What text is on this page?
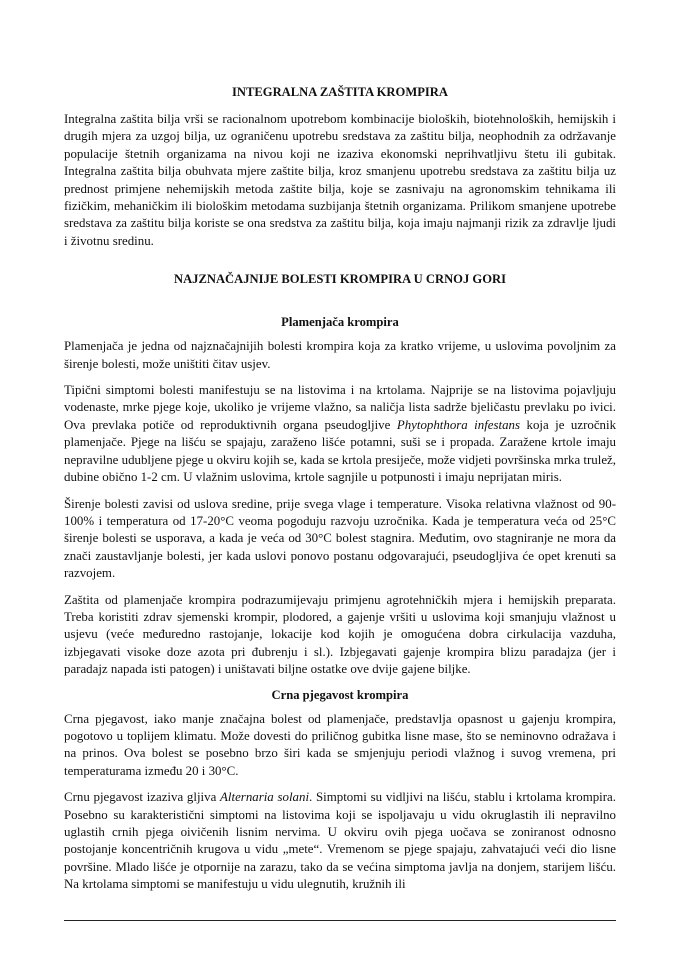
INTEGRALNA ZAŠTITA KROMPIRA

Integralna zaštita bilja vrši se racionalnom upotrebom kombinacije bioloških, biotehnoloških, hemijskih i drugih mjera za uzgoj bilja, uz ograničenu upotrebu sredstava za zaštitu bilja, neophodnih za održavanje populacije štetnih organizama na nivou koji ne izaziva ekonomski neprihvatljivu štetu ili gubitak. Integralna zaštita bilja obuhvata mjere zaštite bilja, kroz smanjenu upotrebu sredstava za zaštitu bilja uz prednost primjene nehemijskih metoda zaštite bilja, koje se zasnivaju na agronomskim tehnikama ili fizičkim, mehaničkim ili biološkim metodama suzbijanja štetnih organizama. Prilikom smanjene upotrebe sredstava za zaštitu bilja koriste se ona sredstva za zaštitu bilja, koja imaju najmanji rizik za zdravlje ljudi i životnu sredinu.

NAJZNAČAJNIJE BOLESTI KROMPIRA U CRNOJ GORI
Plamenjača krompira

Plamenjača je jedna od najznačajnijih bolesti krompira koja za kratko vrijeme, u uslovima povoljnim za širenje bolesti, može uništiti čitav usjev.

Tipični simptomi bolesti manifestuju se na listovima i na krtolama. Najprije se na listovima pojavljuju vodenaste, mrke pjege koje, ukoliko je vrijeme vlažno, sa naličja lista sadrže bjeličastu prevlaku po ivici. Ova prevlaka potiče od reproduktivnih organa pseudogljive Phytophthora infestans koja je uzročnik plamenjače. Pjege na lišću se spajaju, zaraženo lišće potamni, suši se i propada. Zaražene krtole imaju nepravilne udubljene pjege u okviru kojih se, kada se krtola presiječe, može vidjeti površinska mrka trulež, dubine obično 1-2 cm. U vlažnim uslovima, krtole sagnjile u potpunosti i imaju neprijatan miris.

Širenje bolesti zavisi od uslova sredine, prije svega vlage i temperature. Visoka relativna vlažnost od 90-100% i temperatura od 17-20°C veoma pogoduju razvoju uzročnika. Kada je temperatura veća od 25°C širenje bolesti se usporava, a kada je veća od 30°C bolest stagnira. Međutim, ovo stagniranje ne mora da znači zaustavljanje bolesti, jer kada uslovi ponovo postanu odgovarajući, pseudogljiva će opet krenuti sa razvojem.

Zaštita od plamenjače krompira podrazumijevaju primjenu agrotehničkih mjera i hemijskih preparata. Treba koristiti zdrav sjemenski krompir, plodored, a gajenje vršiti u uslovima koji smanjuju vlažnost u usjevu (veće međuredno rastojanje, lokacije kod kojih je omogućena dobra cirkulacija vazduha, izbjegavati visoke doze azota pri đubrenju i sl.). Izbjegavati gajenje krompira blizu paradajza (jer i paradajz napada isti patogen) i uništavati biljne ostatke ove dvije gajene biljke.

Crna pjegavost krompira

Crna pjegavost, iako manje značajna bolest od plamenjače, predstavlja opasnost u gajenju krompira, pogotovo u toplijem klimatu. Može dovesti do priličnog gubitka lisne mase, što se neminovno odražava i na prinos. Ova bolest se posebno brzo širi kada se smjenjuju periodi vlažnog i suvog vremena, pri temperaturama između 20 i 30°C.

Crnu pjegavost izaziva gljiva Alternaria solani. Simptomi su vidljivi na lišću, stablu i krtolama krompira. Posebno su karakteristični simptomi na listovima koji se ispoljavaju u vidu okruglastih ili nepravilno uglastih crnih pjega oivičenih lisnim nervima. U okviru ovih pjega uočava se zoniranost odnosno postojanje koncentričnih krugova u vidu „mete“. Vremenom se pjege spajaju, zahvatajući veći dio lisne površine. Mlado lišće je otpornije na zarazu, tako da se većina simptoma javlja na donjem, starijem lišću. Na krtolama simptomi se manifestuju u vidu ulegnutih, kružnih ili
